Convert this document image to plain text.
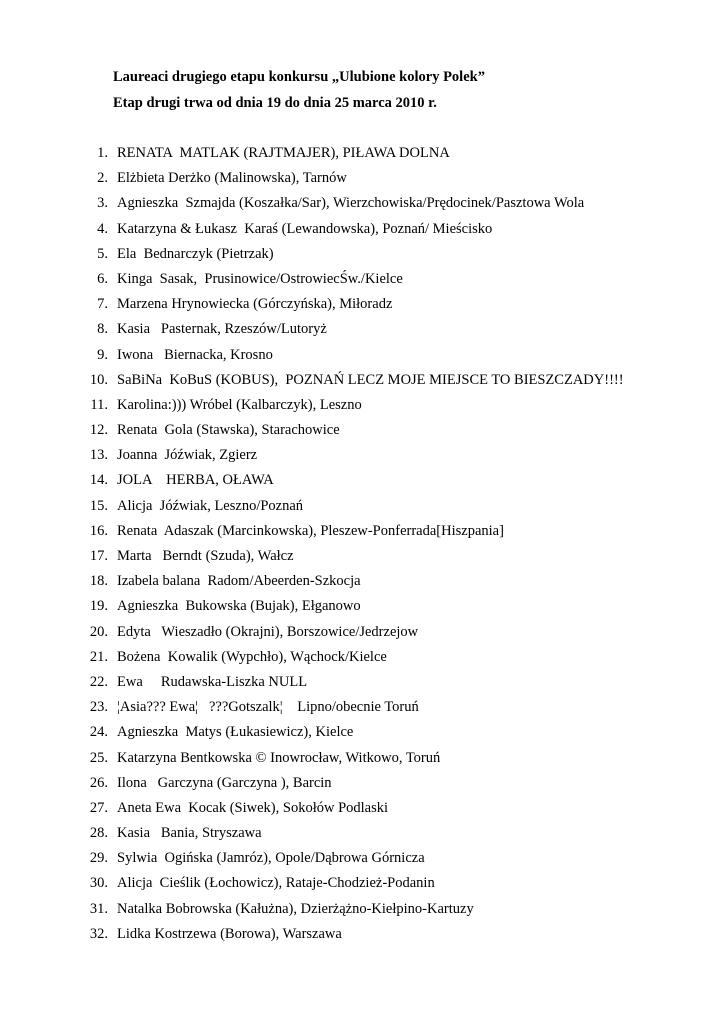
Laureaci drugiego etapu konkursu „Ulubione kolory Polek”
Etap drugi trwa od dnia 19 do dnia 25 marca 2010 r.
1. RENATA  MATLAK (RAJTMAJER), PIŁAWA DOLNA
2. Elżbieta Derżko (Malinowska), Tarnów
3. Agnieszka  Szmajda (Koszałka/Sar), Wierzchowiska/Prędocinek/Pasztowa Wola
4. Katarzyna & Łukasz  Karaś (Lewandowska), Poznań/ Mieścisko
5. Ela  Bednarczyk (Pietrzak)
6. Kinga  Sasak,  Prusinowice/OstrowiecŚw./Kielce
7. Marzena Hrynowiecka (Górczyńska), Miłoradz
8. Kasia   Pasternak, Rzeszów/Lutoryż
9. Iwona   Biernacka, Krosno
10. SaBiNa  KoBuS (KOBUS),  POZNAŃ LECZ MOJE MIEJSCE TO BIESZCZADY!!!!
11. Karolina:))) Wróbel (Kalbarczyk), Leszno
12. Renata  Gola (Stawska), Starachowice
13. Joanna  Jóźwiak, Zgierz
14. JOLA    HERBA, OŁAWA
15. Alicja  Jóźwiak, Leszno/Poznań
16. Renata  Adaszak (Marcinkowska), Pleszew-Ponferrada[Hiszpania]
17. Marta   Berndt (Szuda), Wałcz
18. Izabela balana  Radom/Abeerden-Szkocja
19. Agnieszka  Bukowska (Bujak), Ełganowo
20. Edyta   Wieszadło (Okrajni), Borszowice/Jedrzejow
21. Bożena  Kowalik (Wypchło), Wąchock/Kielce
22. Ewa     Rudawska-Liszka NULL
23. ¦Asia??? Ewa¦   ???Gotszalk¦    Lipno/obecnie Toruń
24. Agnieszka  Matys (Łukasiewicz), Kielce
25. Katarzyna Bentkowska © Inowrocław, Witkowo, Toruń
26. Ilona   Garczyna (Garczyna ), Barcin
27. Aneta Ewa  Kocak (Siwek), Sokołów Podlaski
28. Kasia   Bania, Stryszawa
29. Sylwia  Ogińska (Jamróz), Opole/Dąbrowa Górnicza
30. Alicja  Cieślik (Łochowicz), Rataje-Chodzież-Podanin
31. Natalka Bobrowska (Kałużna), Dzierżążno-Kiełpino-Kartuzy
32. Lidka Kostrzewa (Borowa), Warszawa
